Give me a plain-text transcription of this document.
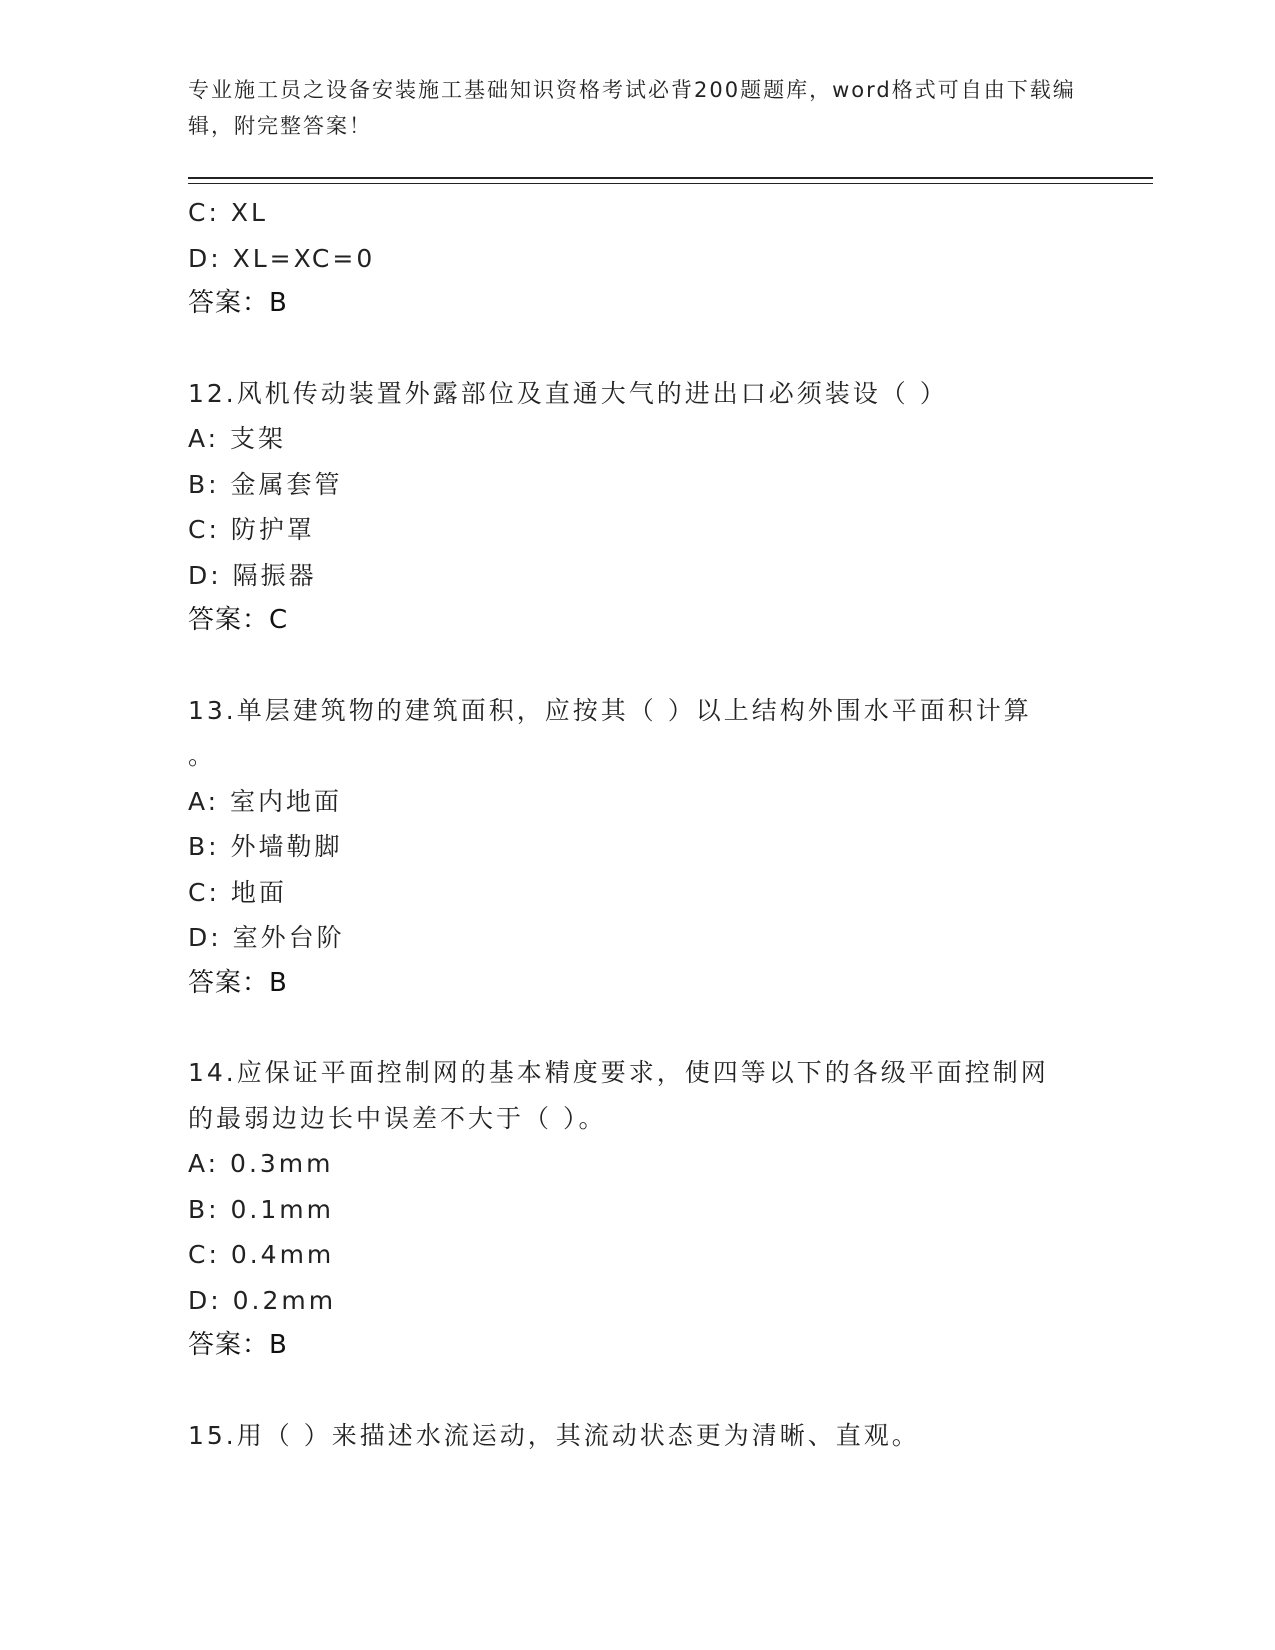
专业施工员之设备安装施工基础知识资格考试必背200题题库，word格式可自由下载编辑，附完整答案！
C: XL
D: XL=XC=0
答案：B
12.风机传动装置外露部位及直通大气的进出口必须装设（ ）
A: 支架
B: 金属套管
C: 防护罩
D: 隔振器
答案：C
13.单层建筑物的建筑面积，应按其（ ）以上结构外围水平面积计算
。
A: 室内地面
B: 外墙勒脚
C: 地面
D: 室外台阶
答案：B
14.应保证平面控制网的基本精度要求，使四等以下的各级平面控制网
的最弱边边长中误差不大于（ ）。
A: 0.3mm
B: 0.1mm
C: 0.4mm
D: 0.2mm
答案：B
15.用（ ）来描述水流运动，其流动状态更为清晰、直观。
